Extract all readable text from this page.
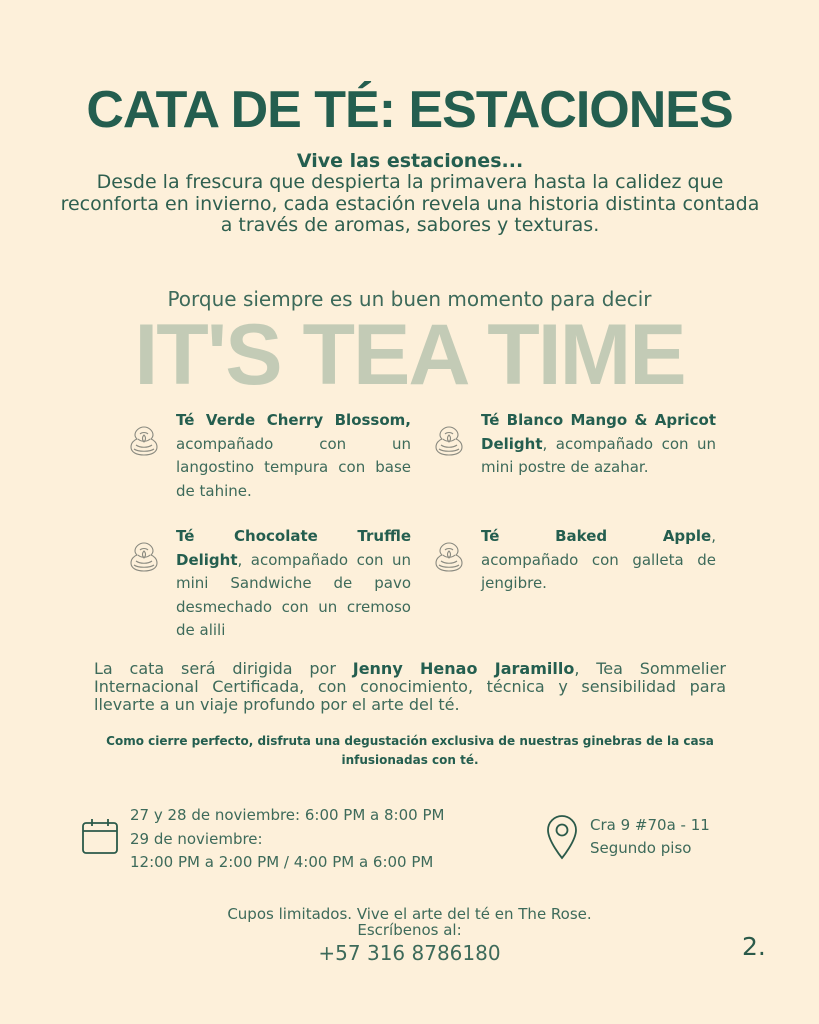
CATA DE TÉ: ESTACIONES
Vive las estaciones...
Desde la frescura que despierta la primavera hasta la calidez que reconforta en invierno, cada estación revela una historia distinta contada a través de aromas, sabores y texturas.
Porque siempre es un buen momento para decir
IT'S TEA TIME
Té Verde Cherry Blossom, acompañado con un langostino tempura con base de tahine.
Té Blanco Mango & Apricot Delight, acompañado con un mini postre de azahar.
Té Chocolate Truffle Delight, acompañado con un mini Sandwiche de pavo desmechado con un cremoso de alili
Té Baked Apple, acompañado con galleta de jengibre.
La cata será dirigida por Jenny Henao Jaramillo, Tea Sommelier Internacional Certificada, con conocimiento, técnica y sensibilidad para llevarte a un viaje profundo por el arte del té.
Como cierre perfecto, disfruta una degustación exclusiva de nuestras ginebras de la casa infusionadas con té.
27 y 28 de noviembre: 6:00 PM a 8:00 PM
29 de noviembre:
12:00 PM a 2:00 PM / 4:00 PM a 6:00 PM
Cra 9 #70a - 11
Segundo piso
Cupos limitados. Vive el arte del té en The Rose.
Escríbenos al:
+57 316 8786180	2.
